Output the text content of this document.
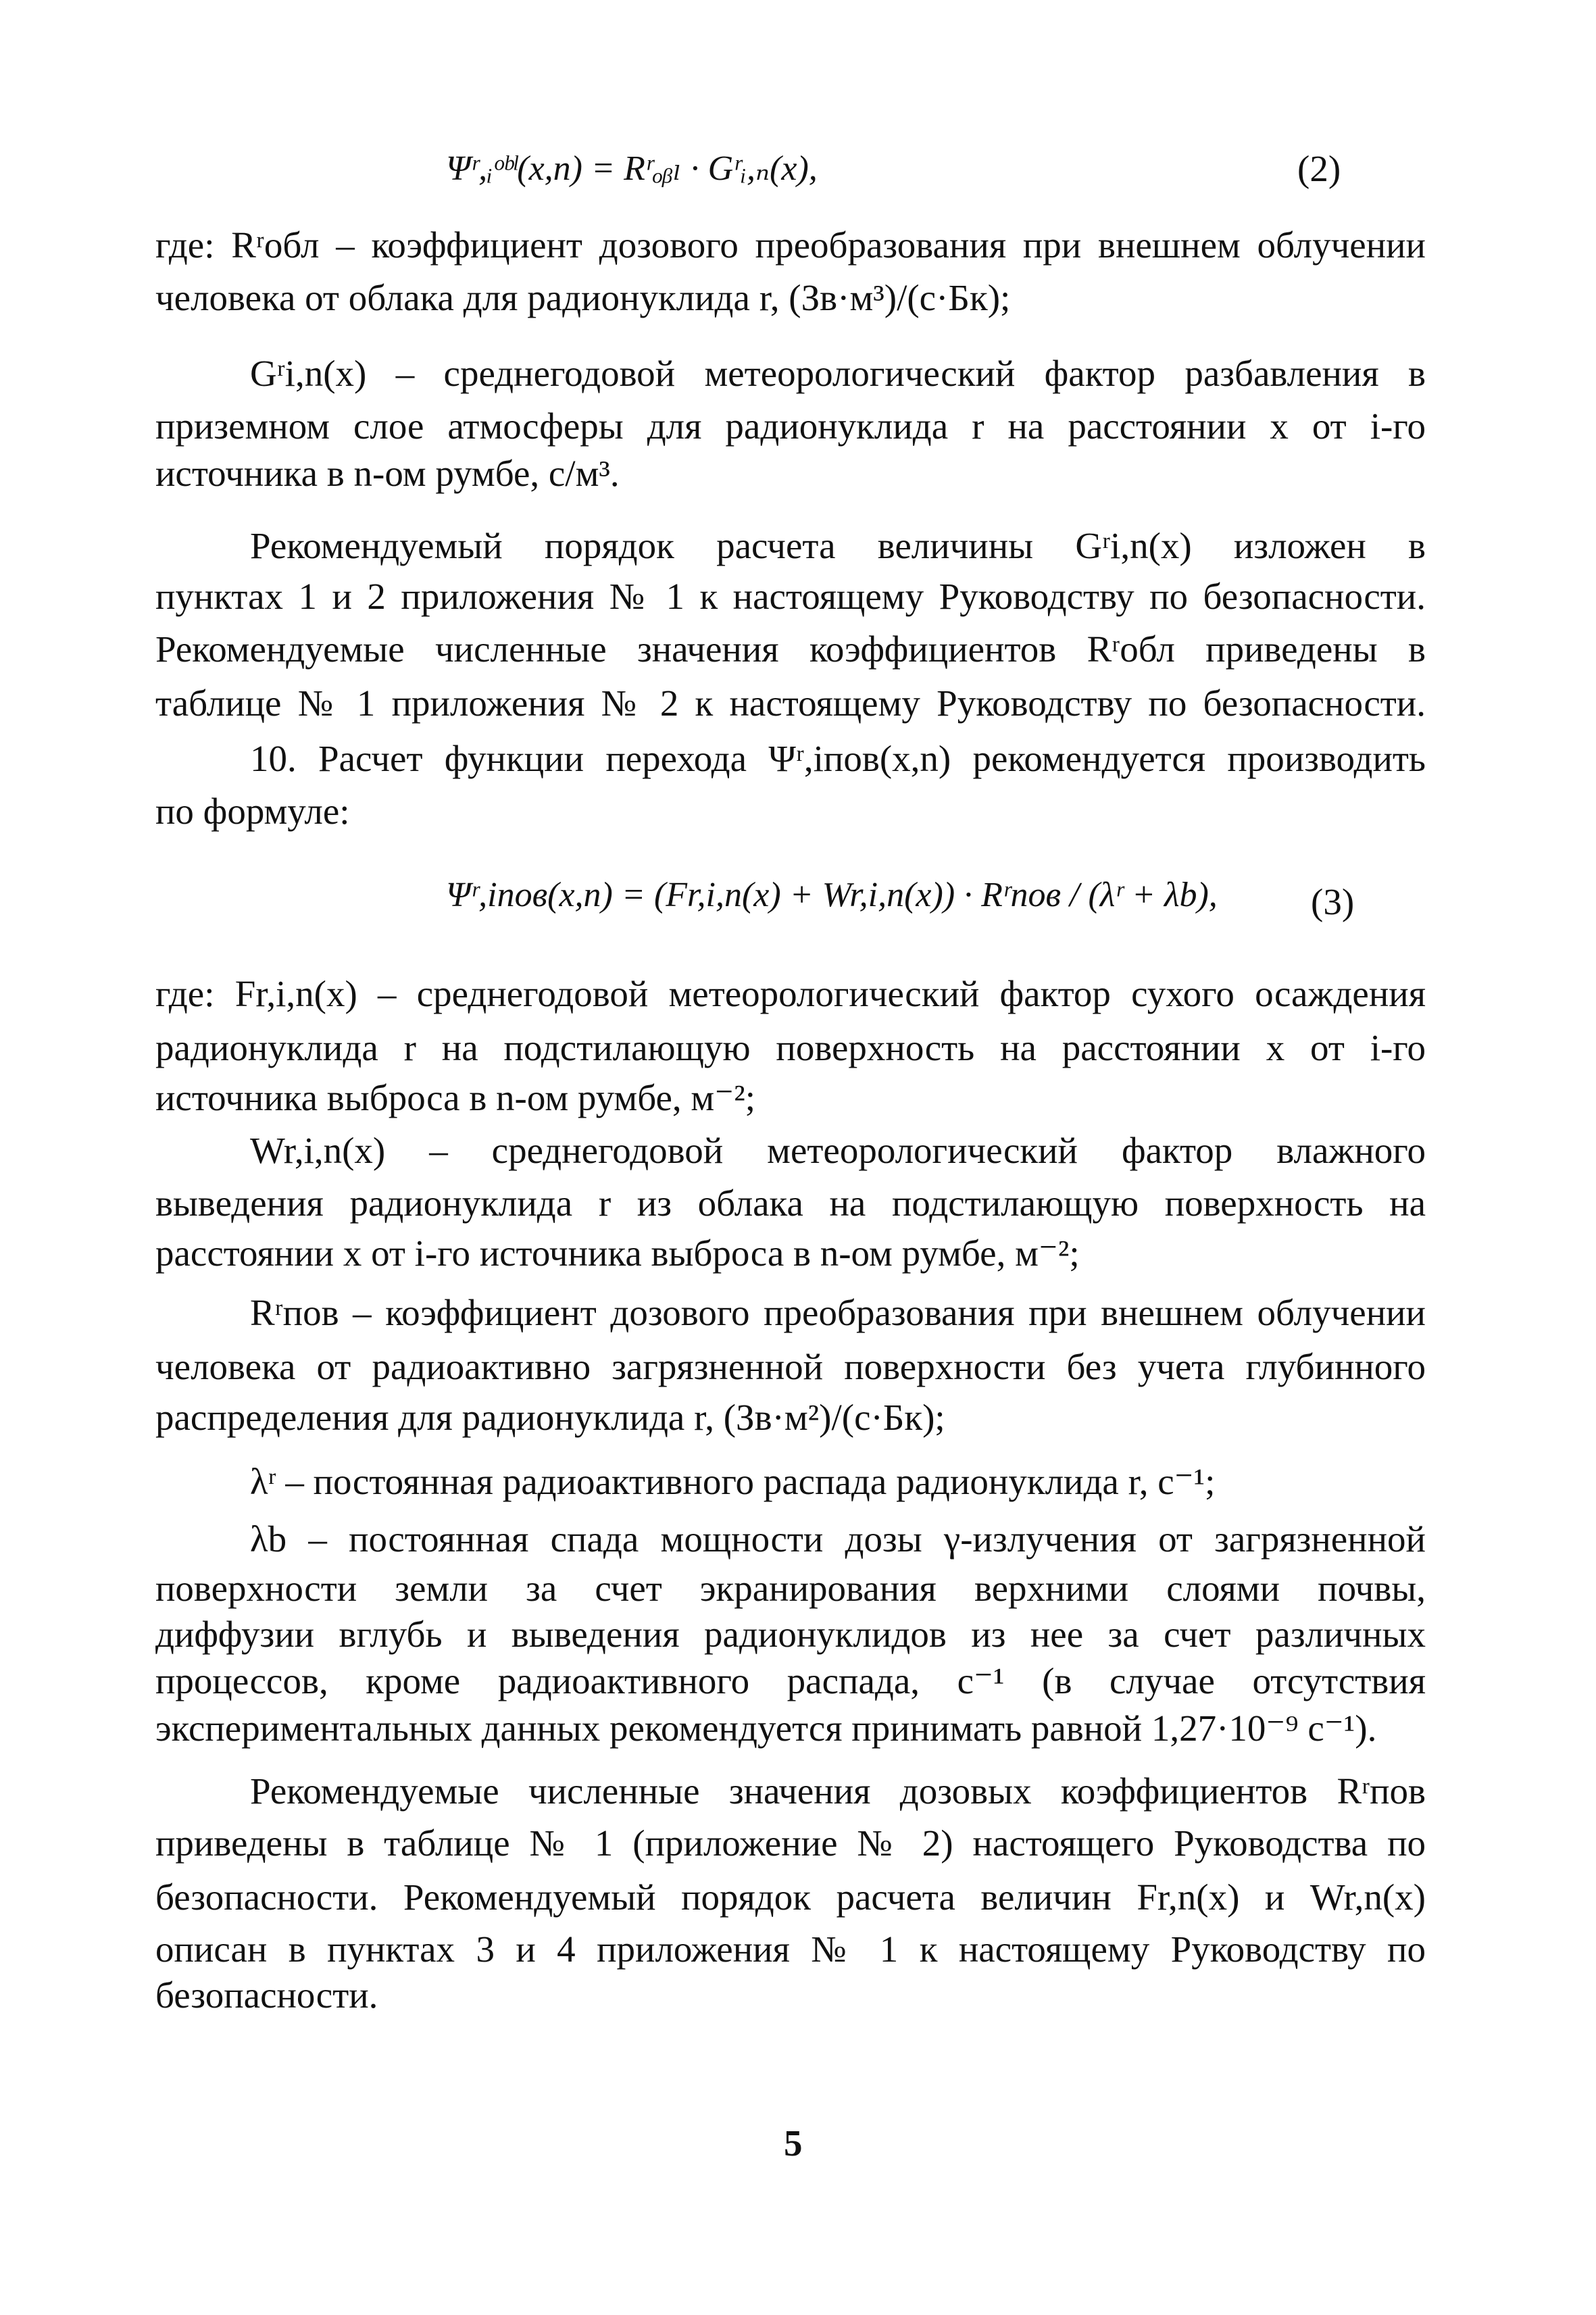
Ψʳ,ᵢᵒᵇˡ(x,n) = Rʳₒᵦₗ · Gʳᵢ,ₙ(x),	(2)
где: Rʳобл – коэффициент дозового преобразования при внешнем облучении
человека от облака для радионуклида r, (Зв·м³)/(с·Бк);
Gʳi,n(x) – среднегодовой метеорологический фактор разбавления в
приземном слое атмосферы для радионуклида r на расстоянии x от i-го
источника в n-ом румбе, с/м³.
Рекомендуемый порядок расчета величины Gʳi,n(x) изложен в
пунктах 1 и 2 приложения № 1 к настоящему Руководству по безопасности.
Рекомендуемые численные значения коэффициентов Rʳобл приведены в
таблице № 1 приложения № 2 к настоящему Руководству по безопасности.
10. Расчет функции перехода Ψʳ,iпов(x,n) рекомендуется производить
по формуле:
Ψʳ,iпов(x,n) = (Fr,i,n(x) + Wr,i,n(x)) · Rʳпов / (λʳ + λb),	(3)
где: Fr,i,n(x) – среднегодовой метеорологический фактор сухого осаждения
радионуклида r на подстилающую поверхность на расстоянии x от i-го
источника выброса в n-ом румбе, м⁻²;
Wr,i,n(x) – среднегодовой метеорологический фактор влажного
выведения радионуклида r из облака на подстилающую поверхность на
расстоянии x от i-го источника выброса в n-ом румбе, м⁻²;
Rʳпов – коэффициент дозового преобразования при внешнем облучении
человека от радиоактивно загрязненной поверхности без учета глубинного
распределения для радионуклида r, (Зв·м²)/(с·Бк);
λʳ – постоянная радиоактивного распада радионуклида r, с⁻¹;
λb – постоянная спада мощности дозы γ-излучения от загрязненной
поверхности земли за счет экранирования верхними слоями почвы,
диффузии вглубь и выведения радионуклидов из нее за счет различных
процессов, кроме радиоактивного распада, с⁻¹ (в случае отсутствия
экспериментальных данных рекомендуется принимать равной 1,27·10⁻⁹ с⁻¹).
Рекомендуемые численные значения дозовых коэффициентов Rʳпов
приведены в таблице № 1 (приложение № 2) настоящего Руководства по
безопасности. Рекомендуемый порядок расчета величин Fr,n(x) и Wr,n(x)
описан в пунктах 3 и 4 приложения № 1 к настоящему Руководству по
безопасности.
5
